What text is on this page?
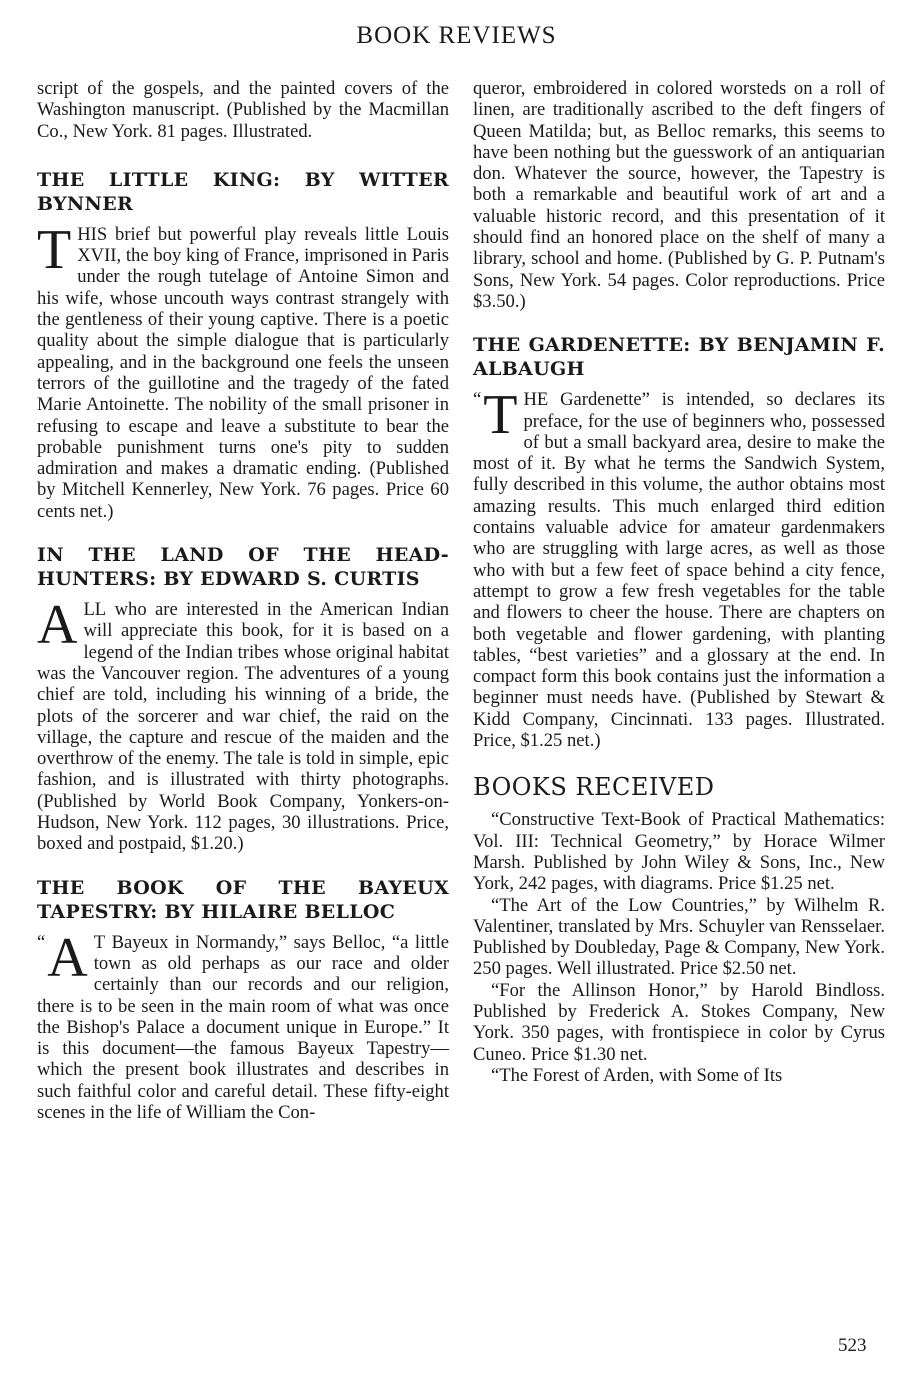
BOOK REVIEWS

script of the gospels, and the painted covers of the Washington manuscript. (Published by the Macmillan Co., New York. 81 pages. Illustrated.

THE LITTLE KING: BY WITTER BYNNER

THIS brief but powerful play reveals little Louis XVII, the boy king of France, imprisoned in Paris under the rough tutelage of Antoine Simon and his wife, whose uncouth ways contrast strangely with the gentleness of their young captive. There is a poetic quality about the simple dialogue that is particularly appealing, and in the background one feels the unseen terrors of the guillotine and the tragedy of the fated Marie Antoinette. The nobility of the small prisoner in refusing to escape and leave a substitute to bear the probable punishment turns one's pity to sudden admiration and makes a dramatic ending. (Published by Mitchell Kennerley, New York. 76 pages. Price 60 cents net.)

IN THE LAND OF THE HEAD-HUNTERS: BY EDWARD S. CURTIS

ALL who are interested in the American Indian will appreciate this book, for it is based on a legend of the Indian tribes whose original habitat was the Vancouver region. The adventures of a young chief are told, including his winning of a bride, the plots of the sorcerer and war chief, the raid on the village, the capture and rescue of the maiden and the overthrow of the enemy. The tale is told in simple, epic fashion, and is illustrated with thirty photographs. (Published by World Book Company, Yonkers-on-Hudson, New York. 112 pages, 30 illustrations. Price, boxed and postpaid, $1.20.)

THE BOOK OF THE BAYEUX TAPESTRY: BY HILAIRE BELLOC

“ A T Bayeux in Normandy,” says Belloc, “a little town as old perhaps as our race and older certainly than our records and our religion, there is to be seen in the main room of what was once the Bishop's Palace a document unique in Europe.” It is this document—the famous Bayeux Tapestry—which the present book illustrates and describes in such faithful color and careful detail. These fifty-eight scenes in the life of William the Con-

queror, embroidered in colored worsteds on a roll of linen, are traditionally ascribed to the deft fingers of Queen Matilda; but, as Belloc remarks, this seems to have been nothing but the guesswork of an antiquarian don. Whatever the source, however, the Tapestry is both a remarkable and beautiful work of art and a valuable historic record, and this presentation of it should find an honored place on the shelf of many a library, school and home. (Published by G. P. Putnam's Sons, New York. 54 pages. Color reproductions. Price $3.50.)

THE GARDENETTE: BY BENJAMIN F. ALBAUGH

“ T HE Gardenette” is intended, so declares its preface, for the use of beginners who, possessed of but a small backyard area, desire to make the most of it. By what he terms the Sandwich System, fully described in this volume, the author obtains most amazing results. This much enlarged third edition contains valuable advice for amateur gardenmakers who are struggling with large acres, as well as those who with but a few feet of space behind a city fence, attempt to grow a few fresh vegetables for the table and flowers to cheer the house. There are chapters on both vegetable and flower gardening, with planting tables, “best varieties” and a glossary at the end. In compact form this book contains just the information a beginner must needs have. (Published by Stewart & Kidd Company, Cincinnati. 133 pages. Illustrated. Price, $1.25 net.)

BOOKS RECEIVED

“Constructive Text-Book of Practical Mathematics: Vol. III: Technical Geometry,” by Horace Wilmer Marsh. Published by John Wiley & Sons, Inc., New York, 242 pages, with diagrams. Price $1.25 net.

“The Art of the Low Countries,” by Wilhelm R. Valentiner, translated by Mrs. Schuyler van Rensselaer. Published by Doubleday, Page & Company, New York. 250 pages. Well illustrated. Price $2.50 net.

“For the Allinson Honor,” by Harold Bindloss. Published by Frederick A. Stokes Company, New York. 350 pages, with frontispiece in color by Cyrus Cuneo. Price $1.30 net.

“The Forest of Arden, with Some of Its

523
